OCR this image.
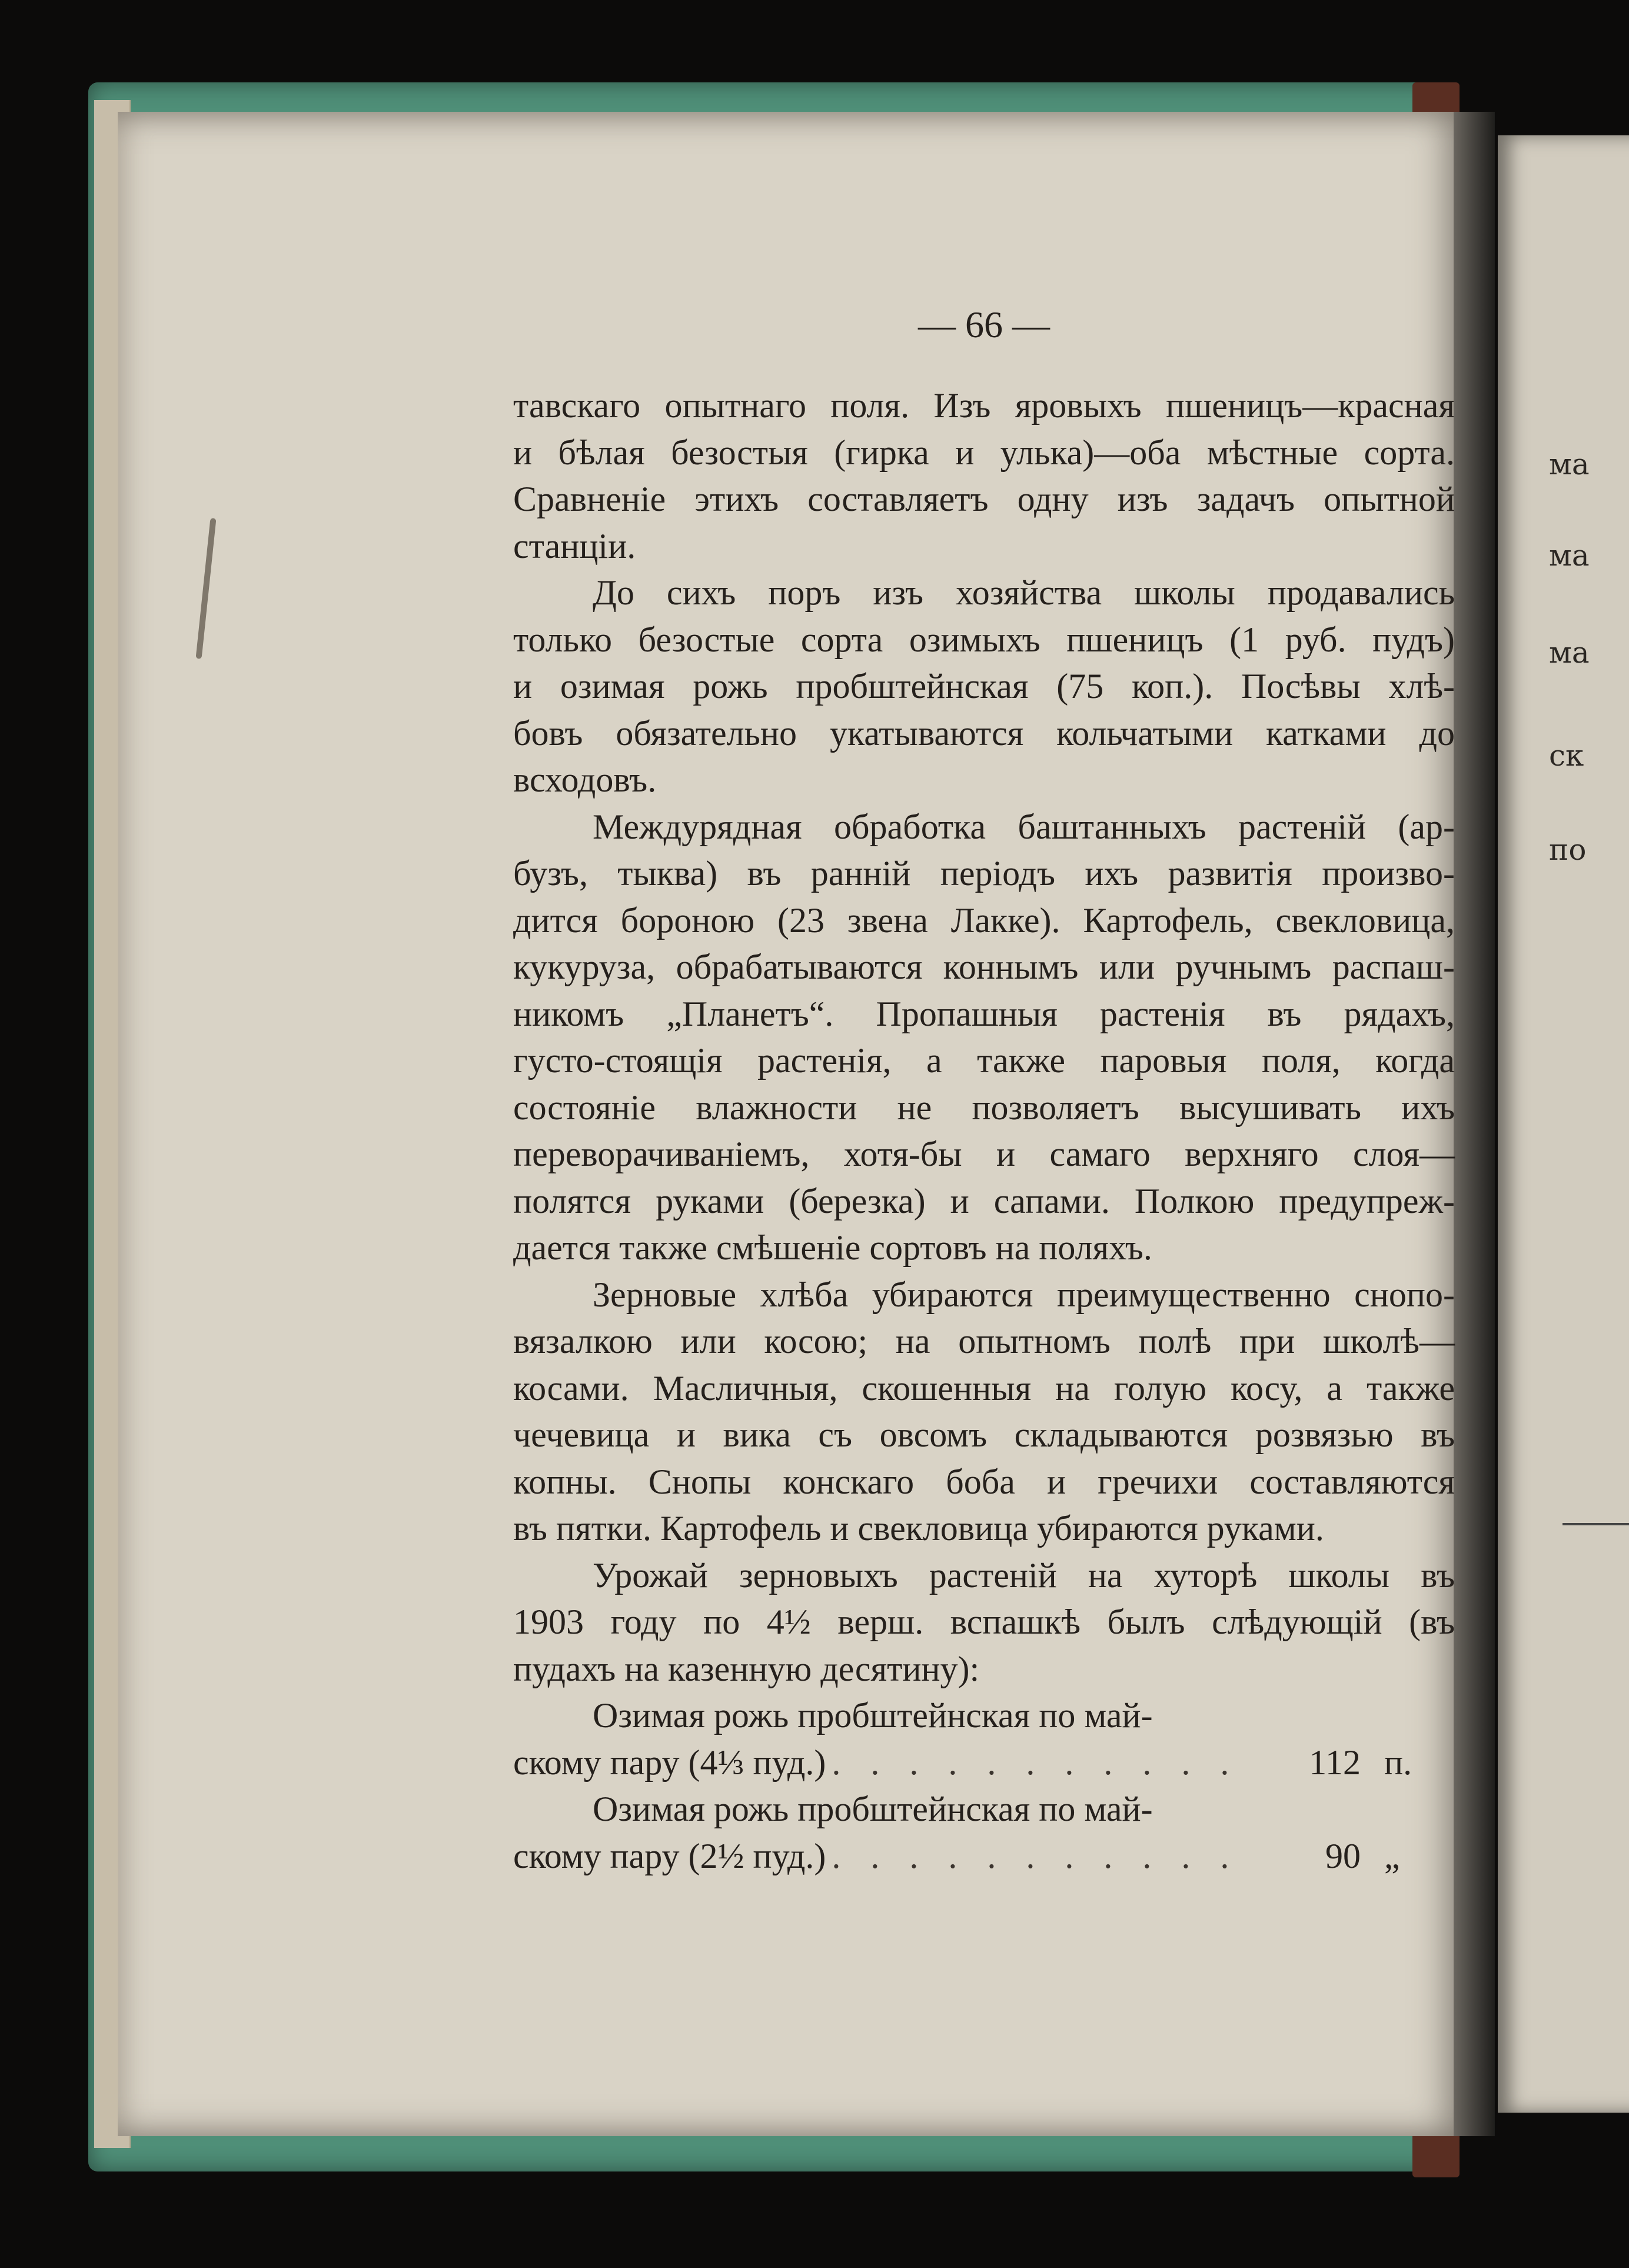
ма
ма
ма
ск
по
— 66 —
тавскаго опытнаго поля. Изъ яровыхъ пшеницъ—красная
и бѣлая безостыя (гирка и улька)—оба мѣстные сорта.
Сравненіе этихъ составляетъ одну изъ задачъ опытной
станціи.
До сихъ поръ изъ хозяйства школы продавались
только безостые сорта озимыхъ пшеницъ (1 руб. пудъ)
и озимая рожь пробштейнская (75 коп.). Посѣвы хлѣ-
бовъ обязательно укатываются кольчатыми катками до
всходовъ.
Междурядная обработка баштанныхъ растеній (ар-
бузъ, тыква) въ раннiй періодъ ихъ развитія произво-
дится бороною (23 звена Лакке). Картофель, свекловица,
кукуруза, обрабатываются коннымъ или ручнымъ распаш-
никомъ „Планетъ“. Пропашныя растенія въ рядахъ,
густо-стоящія растенія, а также паровыя поля, когда
состояніе влажности не позволяетъ высушивать ихъ
переворачиваніемъ, хотя-бы и самаго верхняго слоя—
полятся руками (березка) и сапами. Полкою предупреж-
дается также смѣшеніе сортовъ на поляхъ.
Зерновые хлѣба убираются преимущественно снопо-
вязалкою или косою; на опытномъ полѣ при школѣ—
косами. Масличныя, скошенныя на голую косу, а также
чечевица и вика съ овсомъ складываются розвязью въ
копны. Снопы конскаго боба и гречихи составляются
въ пятки. Картофель и свекловица убираются руками.
Урожай зерновыхъ растеній на хуторѣ школы въ
1903 году по 4½ верш. вспашкѣ былъ слѣдующій (въ
пудахъ на казенную десятину):
Озимая рожь пробштейнская по май-
скому пару (4⅓ пуд.) . . . . . . . . . . .	112 п.
Озимая рожь пробштейнская по май-
скому пару (2½ пуд.) . . . . . . . . . . .	90 „
